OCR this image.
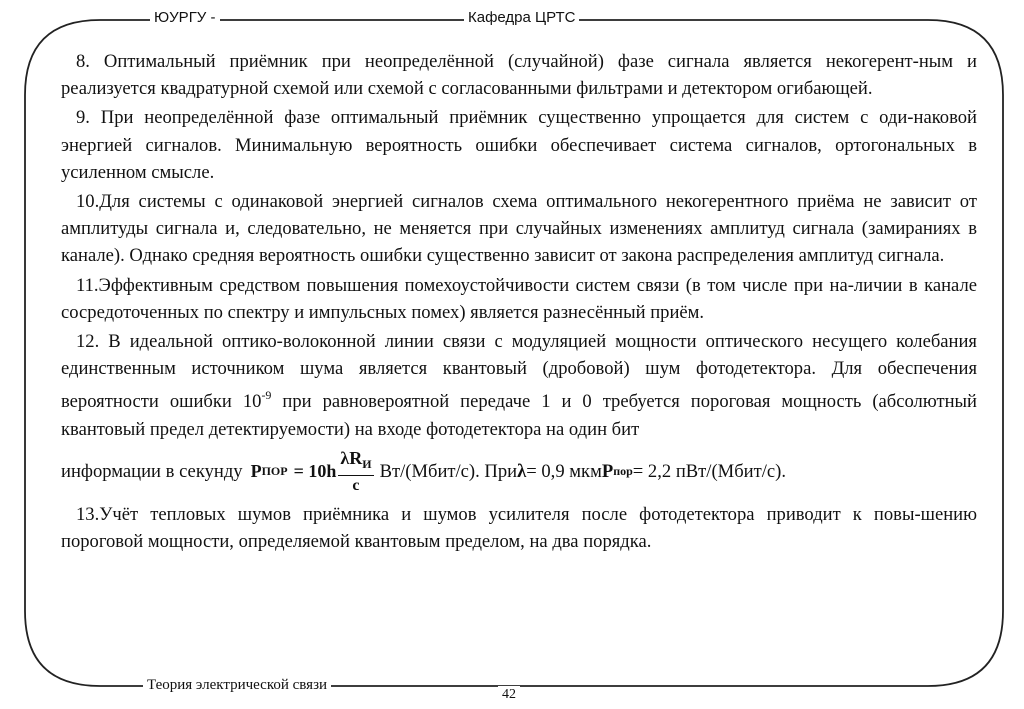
ЮУРГУ -	Кафедра ЦРТС

8. Оптимальный приёмник при неопределённой (случайной) фазе сигнала является некогерент-ным и реализуется квадратурной схемой или схемой с согласованными фильтрами и детектором огибающей.

9. При неопределённой фазе оптимальный приёмник существенно упрощается для систем с оди-наковой энергией сигналов. Минимальную вероятность ошибки обеспечивает система сигналов, ортогональных в усиленном смысле.

10.Для системы с одинаковой энергией сигналов схема оптимального некогерентного приёма не зависит от амплитуды сигнала и, следовательно, не меняется при случайных изменениях амплитуд сигнала (замираниях в канале). Однако средняя вероятность ошибки существенно зависит от закона распределения амплитуд сигнала.

11.Эффективным средством повышения помехоустойчивости систем связи (в том числе при на-личии в канале сосредоточенных по спектру и импульсных помех) является разнесённый приём.

12. В идеальной оптико-волоконной линии связи с модуляцией мощности оптического несущего колебания единственным источником шума является квантовый (дробовой) шум фотодетектора. Для обеспечения вероятности ошибки $10^{-9}$ при равновероятной передаче 1 и 0 требуется пороговая мощность (абсолютный квантовый предел детектируемости) на входе фотодетектора на один бит

информации в секунду P ПОР = $10h \frac{\lambda R_И}{c}$ Вт/(Мбит/с). При λ = 0,9 мкм P пор = 2,2 пВт/(Мбит/с).

13.Учёт тепловых шумов приёмника и шумов усилителя после фотодетектора приводит к повы-шению пороговой мощности, определяемой квантовым пределом, на два порядка.

Теория электрической связи
42
